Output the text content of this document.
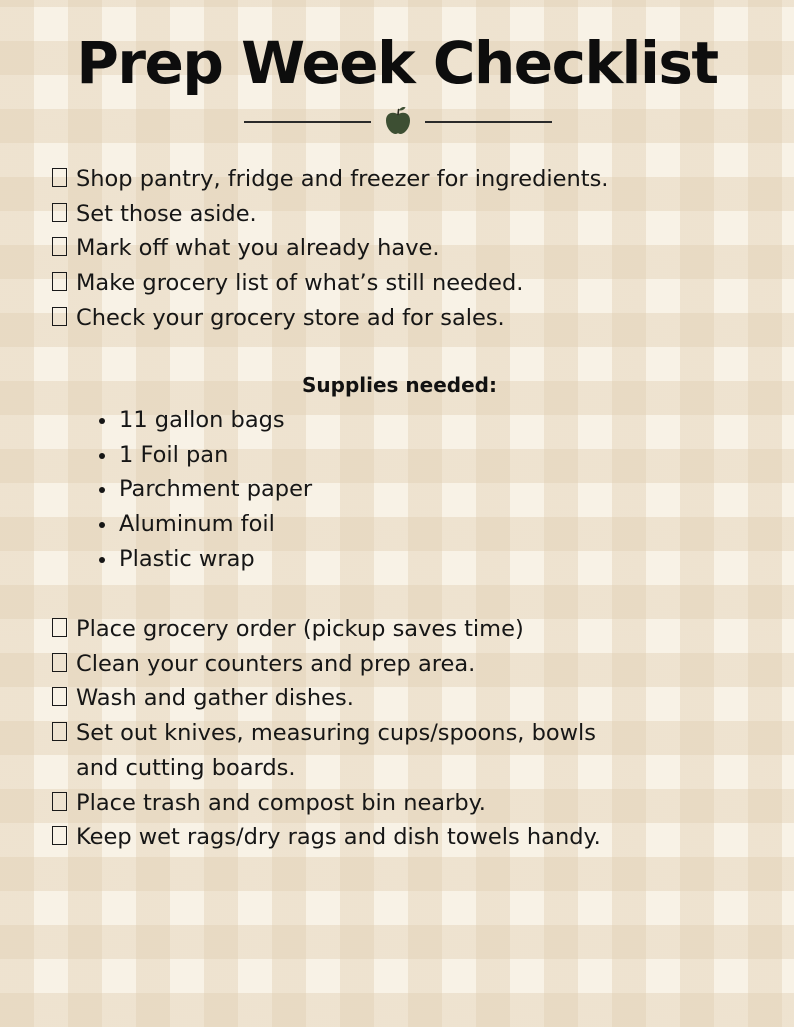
Prep Week Checklist
Shop pantry, fridge and freezer for ingredients.
Set those aside.
Mark off what you already have.
Make grocery list of what’s still needed.
Check your grocery store ad for sales.
Supplies needed:
11 gallon bags
1 Foil pan
Parchment paper
Aluminum foil
Plastic wrap
Place grocery order (pickup saves time)
Clean your counters and prep area.
Wash and gather dishes.
Set out knives, measuring cups/spoons, bowls
and cutting boards.
Place trash and compost bin nearby.
Keep wet rags/dry rags and dish towels handy.
